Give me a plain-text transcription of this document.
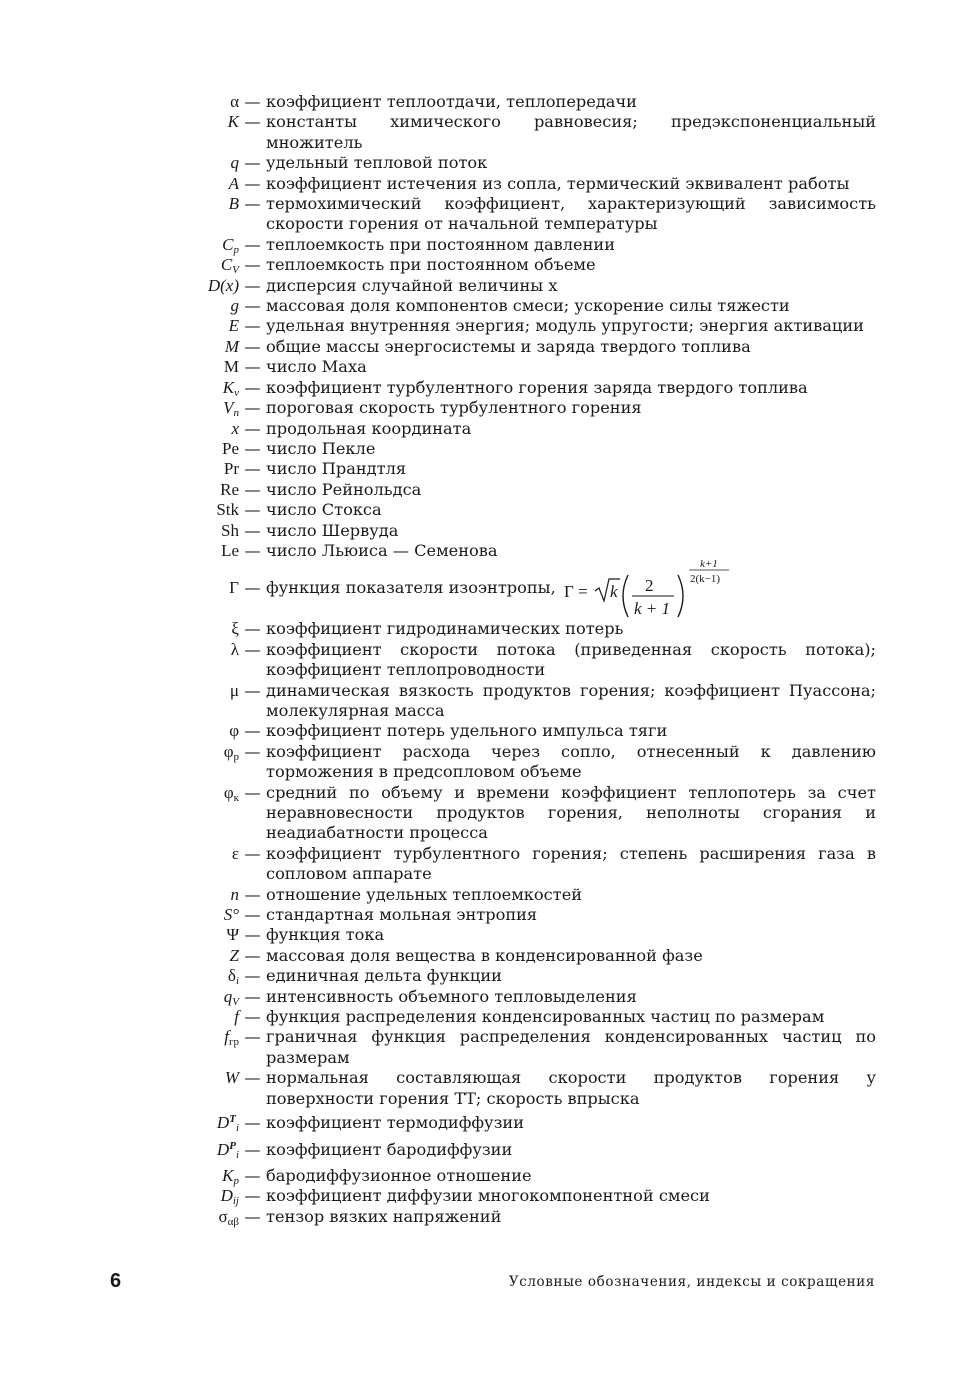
α — коэффициент теплоотдачи, теплопередачи
K — константы химического равновесия; предэкспоненциальный множитель
q — удельный тепловой поток
A — коэффициент истечения из сопла, термический эквивалент работы
B — термохимический коэффициент, характеризующий зависимость скорости горения от начальной температуры
$C_p$ — теплоемкость при постоянном давлении
$C_V$ — теплоемкость при постоянном объеме
D(x) — дисперсия случайной величины x
g — массовая доля компонентов смеси; ускорение силы тяжести
E — удельная внутренняя энергия; модуль упругости; энергия активации
M — общие массы энергосистемы и заряда твердого топлива
M — число Маха
$K_v$ — коэффициент турбулентного горения заряда твердого топлива
$V_n$ — пороговая скорость турбулентного горения
x — продольная координата
Pe — число Пекле
Pr — число Прандтля
Re — число Рейнольдса
Stk — число Стокса
Sh — число Шервуда
Le — число Льюиса — Семенова
Γ — функция показателя изоэнтропы, Γ = k 2
k + 1
k+1
2(k−1)
ξ — коэффициент гидродинамических потерь
λ — коэффициент скорости потока (приведенная скорость потока); коэффициент теплопроводности
μ — динамическая вязкость продуктов горения; коэффициент Пуассона; молекулярная масса
φ — коэффициент потерь удельного импульса тяги
$\varphi_р$ — коэффициент расхода через сопло, отнесенный к давлению торможения в предсопловом объеме
$\varphi_к$ — средний по объему и времени коэффициент теплопотерь за счет неравновесности продуктов горения, неполноты сгорания и неадиабатности процесса
ε — коэффициент турбулентного горения; степень расширения газа в сопловом аппарате
n — отношение удельных теплоемкостей
S° — стандартная мольная энтропия
Ψ — функция тока
Z — массовая доля вещества в конденсированной фазе
$\delta_i$ — единичная дельта функции
$q_V$ — интенсивность объемного тепловыделения
f — функция распределения конденсированных частиц по размерам
$f_{гр}$ — граничная функция распределения конденсированных частиц по размерам
W — нормальная составляющая скорости продуктов горения у поверхности горения ТТ; скорость впрыска
$D^T_i$ — коэффициент термодиффузии
$D^P_i$ — коэффициент бародиффузии
$K_p$ — бародиффузионное отношение
$D_{ij}$ — коэффициент диффузии многокомпонентной смеси
$\sigma_{\alpha\beta}$ — тензор вязких напряжений
6	Условные обозначения, индексы и сокращения
